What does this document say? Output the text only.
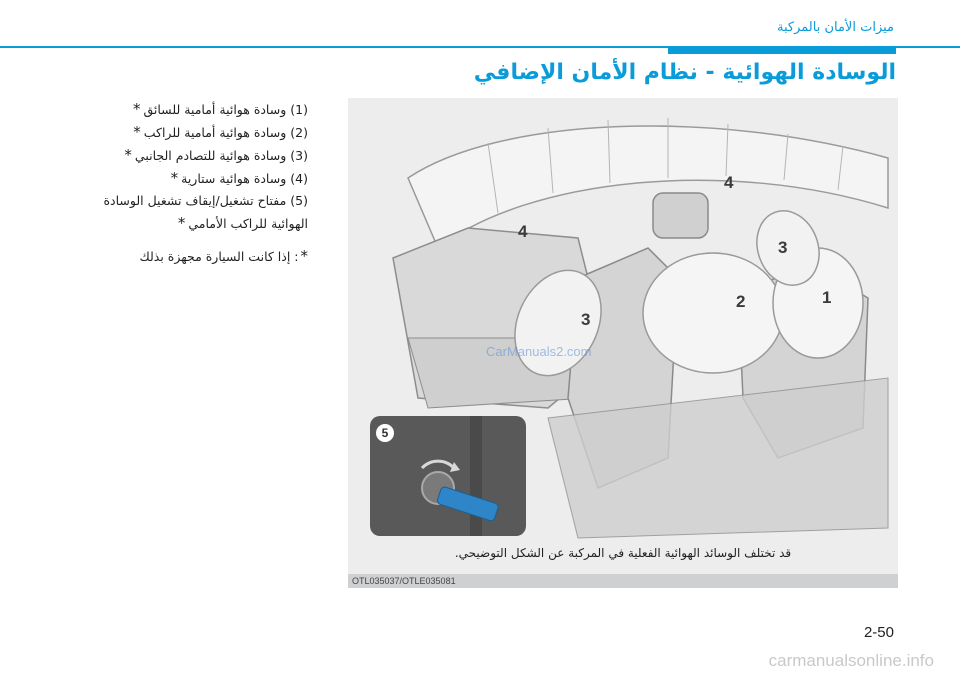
ميزات الأمان بالمركبة
الوسادة الهوائية - نظام الأمان الإضافي
(1)وسادة هوائية أمامية للسائق*
(2)وسادة هوائية أمامية للراكب*
(3)وسادة هوائية للتصادم الجانبي*
(4)وسادة هوائية ستارية*
(5)مفتاح تشغيل/إيقاف تشغيل الوسادة الهوائية للراكب الأمامي*
*: إذا كانت السيارة مجهزة بذلك
1
2
3
3
4
4
CarManuals2.com
5
قد تختلف الوسائد الهوائية الفعلية في المركبة عن الشكل التوضيحي.
OTL035037/OTLE035081
2-50
carmanualsonline.info
